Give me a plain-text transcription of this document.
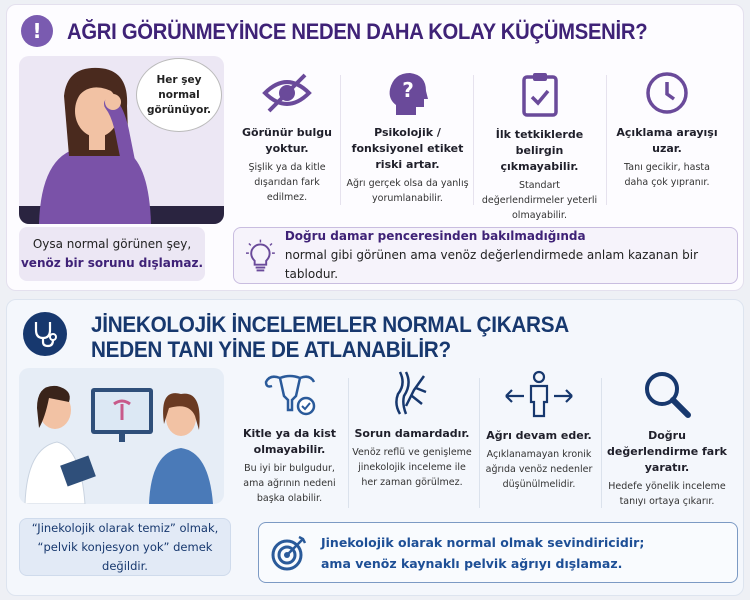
!	AĞRI GÖRÜNMEYİNCE NEDEN DAHA KOLAY KÜÇÜMSENİR?
Her şey normal görünüyor.
Oysa normal görünen şey,
venöz bir sorunu dışlamaz.
Görünür bulgu yoktur.
Şişlik ya da kitle dışarıdan fark edilmez.
?
Psikolojik / fonksiyonel etiket riski artar.
Ağrı gerçek olsa da yanlış yorumlanabilir.
İlk tetkiklerde belirgin çıkmayabilir.
Standart değerlendirmeler yeterli olmayabilir.
Açıklama arayışı uzar.
Tanı gecikir, hasta daha çok yıpranır.
Doğru damar penceresinden bakılmadığında
normal gibi görünen ama venöz değerlendirmede anlam kazanan bir tablodur.
JİNEKOLOJİK İNCELEMELER NORMAL ÇIKARSA
NEDEN TANI YİNE DE ATLANABİLİR?
“Jinekolojik olarak temiz” olmak,
“pelvik konjesyon yok” demek değildir.
Kitle ya da kist olmayabilir.
Bu iyi bir bulgudur, ama ağrının nedeni başka olabilir.
Sorun damardadır.
Venöz reflü ve genişleme jinekolojik inceleme ile her zaman görülmez.
Ağrı devam eder.
Açıklanamayan kronik ağrıda venöz nedenler düşünülmelidir.
Doğru değerlendirme fark yaratır.
Hedefe yönelik inceleme tanıyı ortaya çıkarır.
Jinekolojik olarak normal olmak sevindiricidir;
ama venöz kaynaklı pelvik ağrıyı dışlamaz.
